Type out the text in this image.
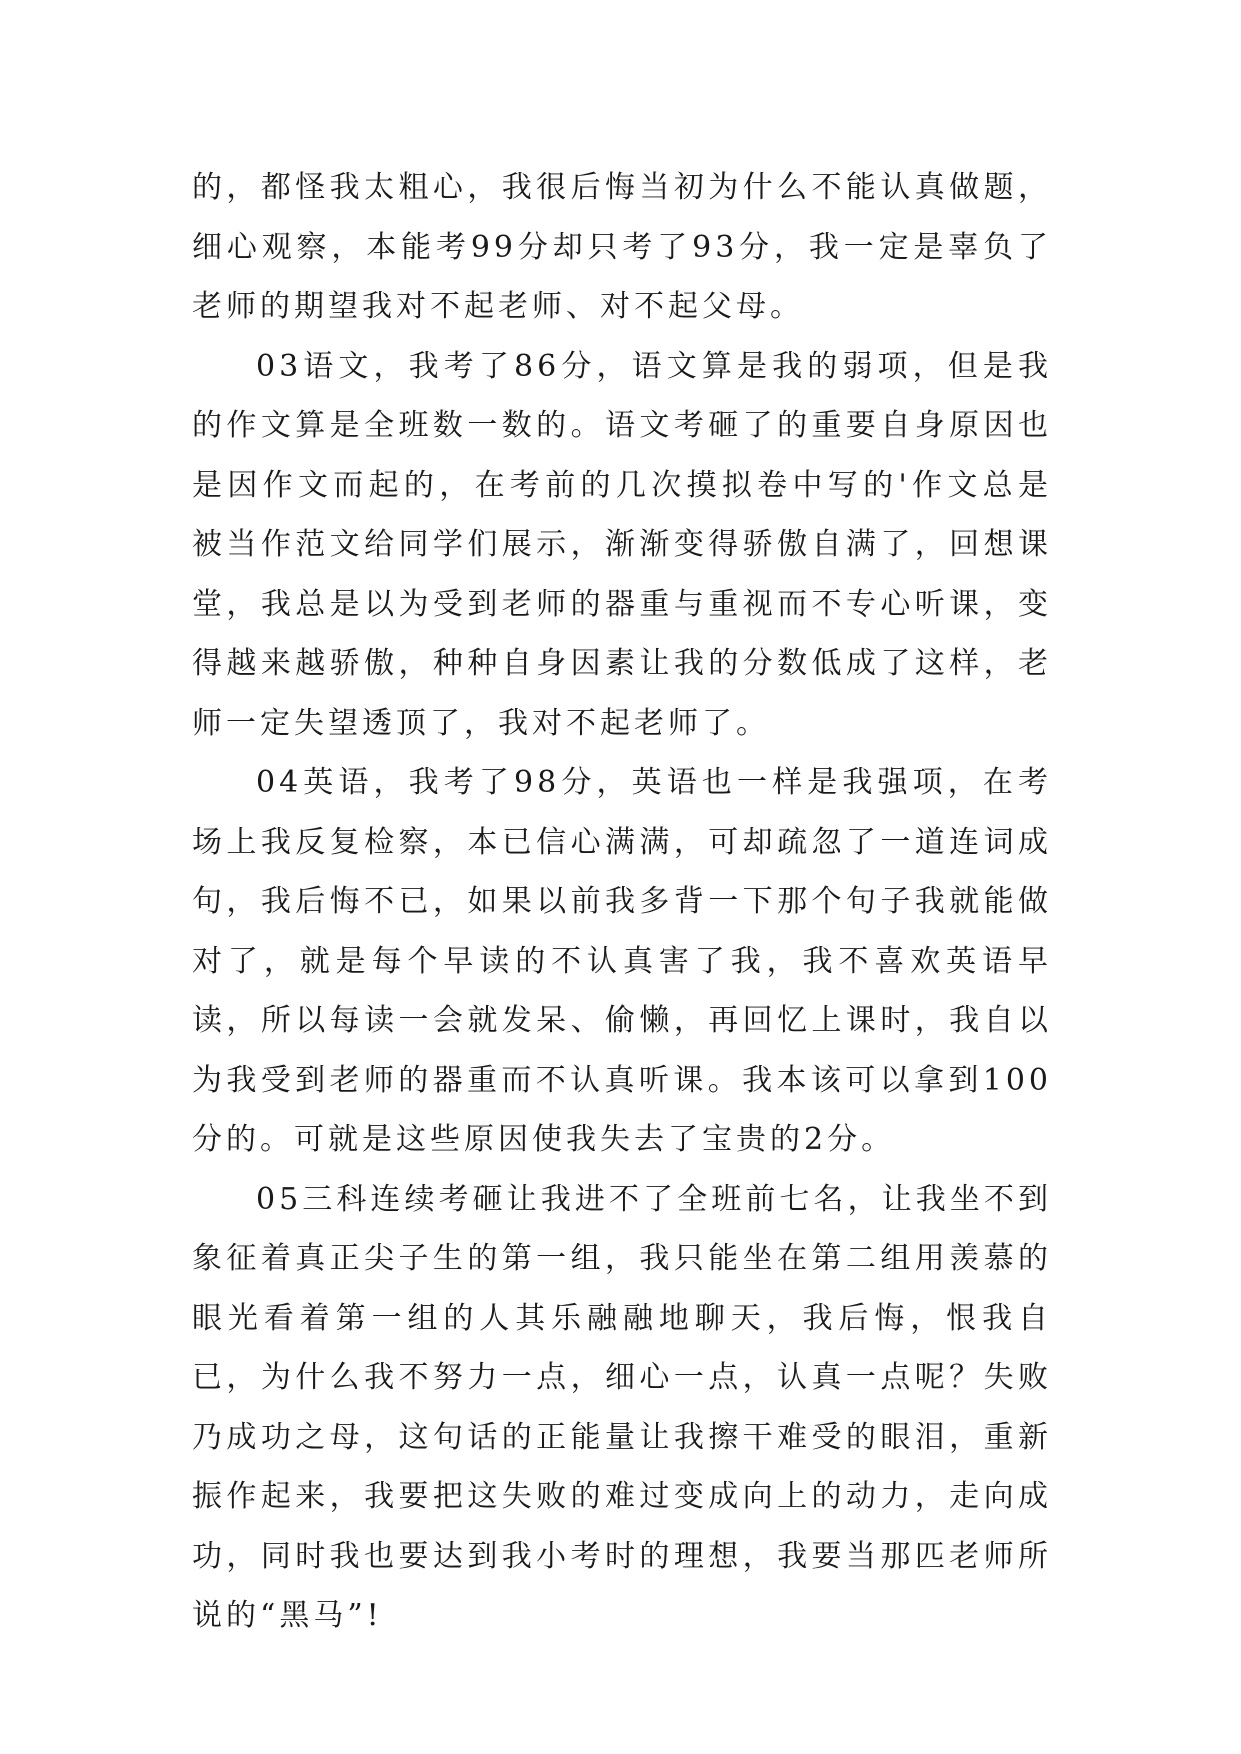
的，都怪我太粗心，我很后悔当初为什么不能认真做题，细心观察，本能考99分却只考了93分，我一定是辜负了老师的期望我对不起老师、对不起父母。

03语文，我考了86分，语文算是我的弱项，但是我的作文算是全班数一数的。语文考砸了的重要自身原因也是因作文而起的，在考前的几次摸拟卷中写的'作文总是被当作范文给同学们展示，渐渐变得骄傲自满了，回想课堂，我总是以为受到老师的器重与重视而不专心听课，变得越来越骄傲，种种自身因素让我的分数低成了这样，老师一定失望透顶了，我对不起老师了。

04英语，我考了98分，英语也一样是我强项，在考场上我反复检察，本已信心满满，可却疏忽了一道连词成句，我后悔不已，如果以前我多背一下那个句子我就能做对了，就是每个早读的不认真害了我，我不喜欢英语早读，所以每读一会就发呆、偷懒，再回忆上课时，我自以为我受到老师的器重而不认真听课。我本该可以拿到100分的。可就是这些原因使我失去了宝贵的2分。

05三科连续考砸让我进不了全班前七名，让我坐不到象征着真正尖子生的第一组，我只能坐在第二组用羡慕的眼光看着第一组的人其乐融融地聊天，我后悔，恨我自已，为什么我不努力一点，细心一点，认真一点呢？失败乃成功之母，这句话的正能量让我擦干难受的眼泪，重新振作起来，我要把这失败的难过变成向上的动力，走向成功，同时我也要达到我小考时的理想，我要当那匹老师所说的“黑马”!
